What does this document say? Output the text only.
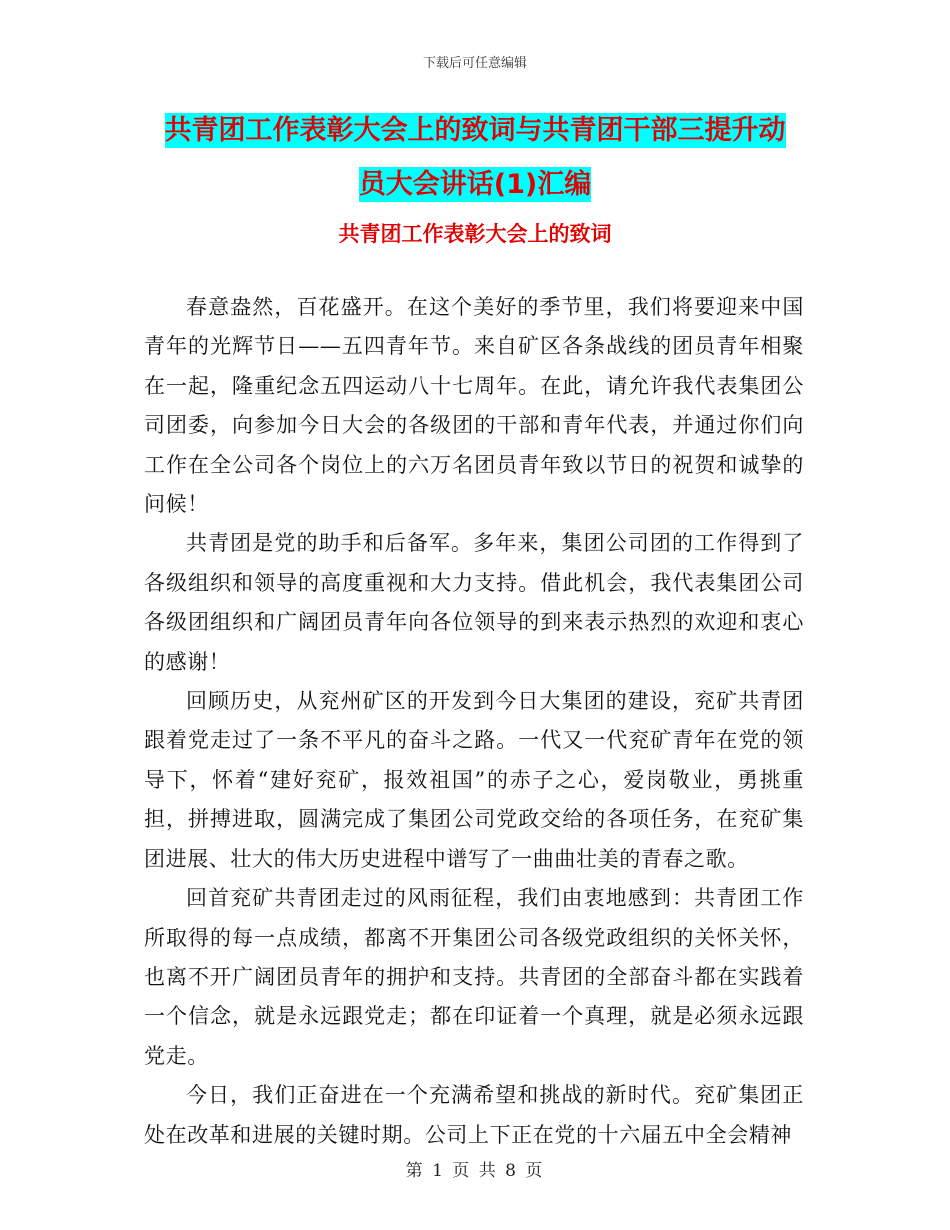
下载后可任意编辑
共青团工作表彰大会上的致词与共青团干部三提升动
员大会讲话(1)汇编
共青团工作表彰大会上的致词

春意盎然，百花盛开。在这个美好的季节里，我们将要迎来中国青年的光辉节日——五四青年节。来自矿区各条战线的团员青年相聚在一起，隆重纪念五四运动八十七周年。在此，请允许我代表集团公司团委，向参加今日大会的各级团的干部和青年代表，并通过你们向工作在全公司各个岗位上的六万名团员青年致以节日的祝贺和诚挚的问候！

共青团是党的助手和后备军。多年来，集团公司团的工作得到了各级组织和领导的高度重视和大力支持。借此机会，我代表集团公司各级团组织和广阔团员青年向各位领导的到来表示热烈的欢迎和衷心的感谢！

回顾历史，从兖州矿区的开发到今日大集团的建设，兖矿共青团跟着党走过了一条不平凡的奋斗之路。一代又一代兖矿青年在党的领导下，怀着“建好兖矿，报效祖国”的赤子之心，爱岗敬业，勇挑重担，拼搏进取，圆满完成了集团公司党政交给的各项任务，在兖矿集团进展、壮大的伟大历史进程中谱写了一曲曲壮美的青春之歌。

回首兖矿共青团走过的风雨征程，我们由衷地感到：共青团工作所取得的每一点成绩，都离不开集团公司各级党政组织的关怀关怀，也离不开广阔团员青年的拥护和支持。共青团的全部奋斗都在实践着一个信念，就是永远跟党走；都在印证着一个真理，就是必须永远跟党走。

今日，我们正奋进在一个充满希望和挑战的新时代。兖矿集团正处在改革和进展的关键时期。公司上下正在党的十六届五中全会精神

第 1 页 共 8 页
